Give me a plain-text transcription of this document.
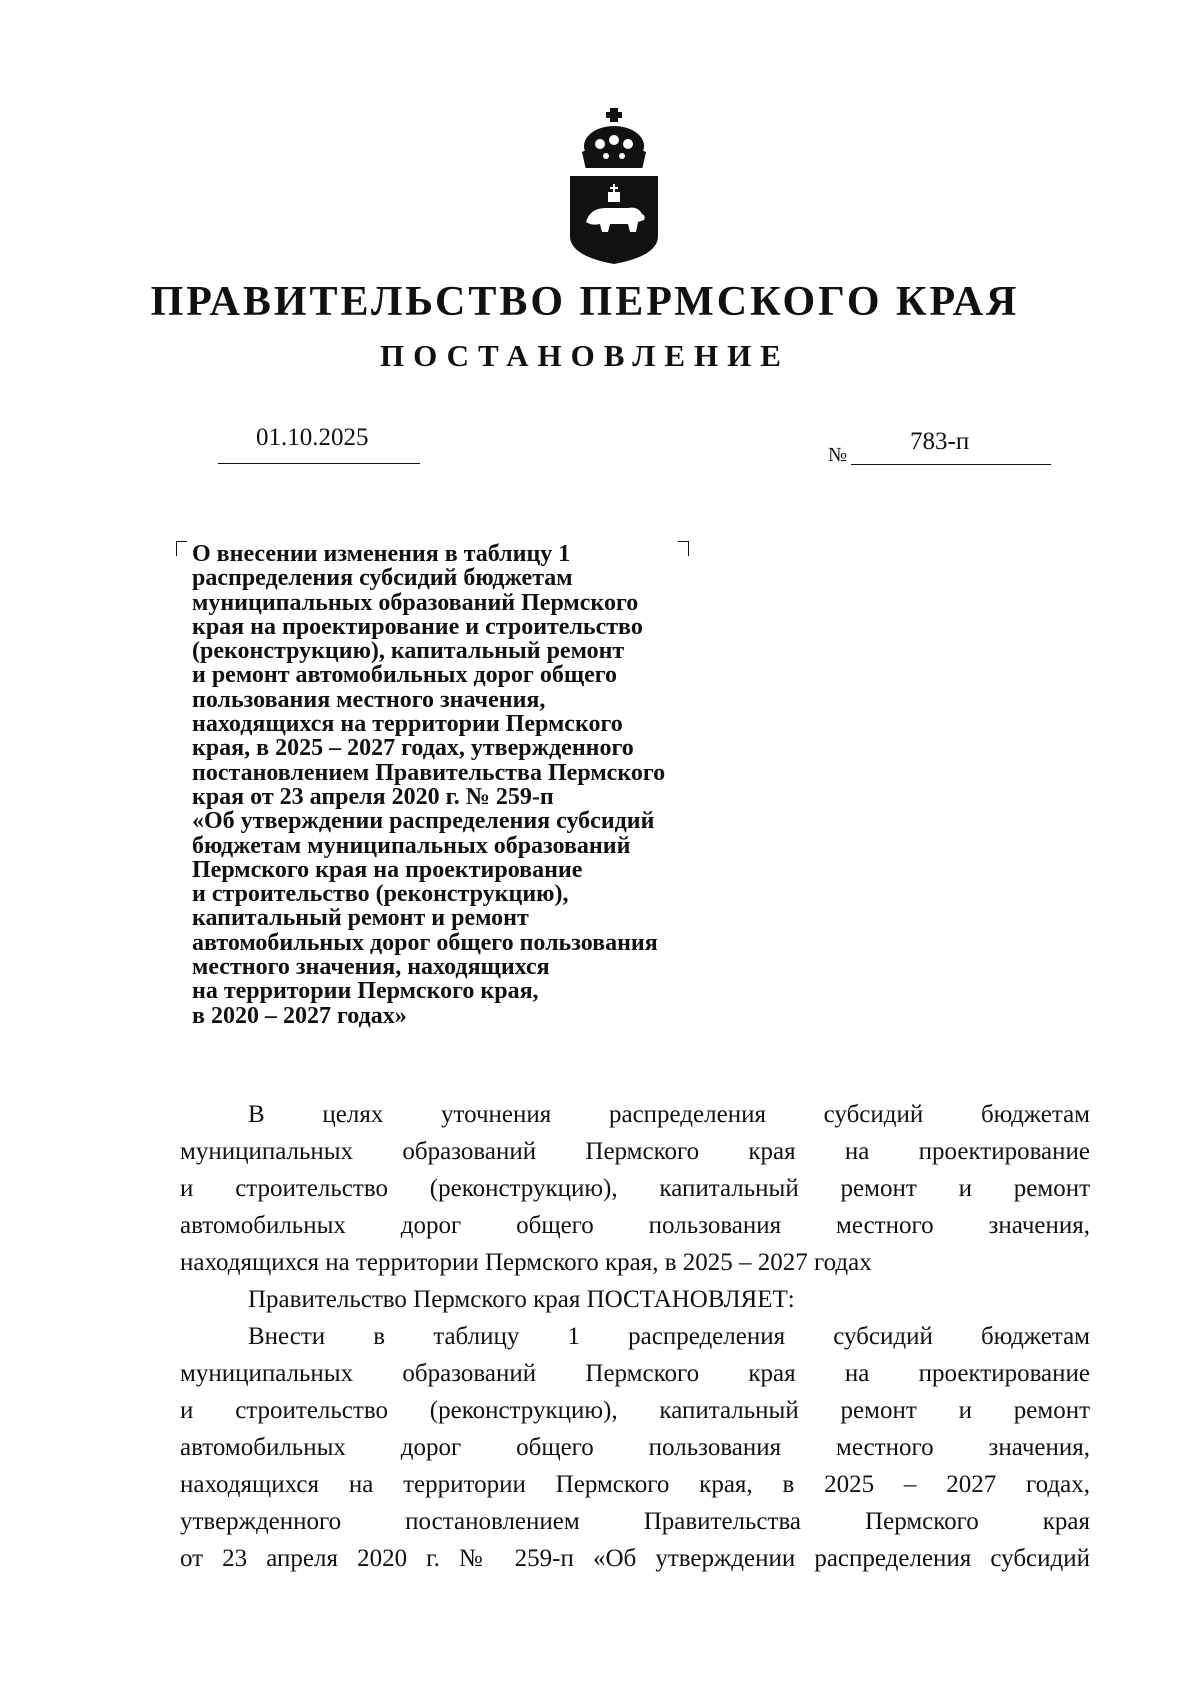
ПРАВИТЕЛЬСТВО ПЕРМСКОГО КРАЯ
ПОСТАНОВЛЕНИЕ
01.10.2025
№	783-п
О внесении изменения в таблицу 1
распределения субсидий бюджетам
муниципальных образований Пермского
края на проектирование и строительство
(реконструкцию), капитальный ремонт
и ремонт автомобильных дорог общего
пользования местного значения,
находящихся на территории Пермского
края, в 2025 – 2027 годах, утвержденного
постановлением Правительства Пермского
края от 23 апреля 2020 г. № 259-п
«Об утверждении распределения субсидий
бюджетам муниципальных образований
Пермского края на проектирование
и строительство (реконструкцию),
капитальный ремонт и ремонт
автомобильных дорог общего пользования
местного значения, находящихся
на территории Пермского края,
в 2020 – 2027 годах»
В целях уточнения распределения субсидий бюджетам
муниципальных образований Пермского края на проектирование
и строительство (реконструкцию), капитальный ремонт и ремонт
автомобильных дорог общего пользования местного значения,
находящихся на территории Пермского края, в 2025 – 2027 годах
Правительство Пермского края ПОСТАНОВЛЯЕТ:
Внести в таблицу 1 распределения субсидий бюджетам
муниципальных образований Пермского края на проектирование
и строительство (реконструкцию), капитальный ремонт и ремонт
автомобильных дорог общего пользования местного значения,
находящихся на территории Пермского края, в 2025 – 2027 годах,
утвержденного постановлением Правительства Пермского края
от 23 апреля 2020 г. № 259-п «Об утверждении распределения субсидий
